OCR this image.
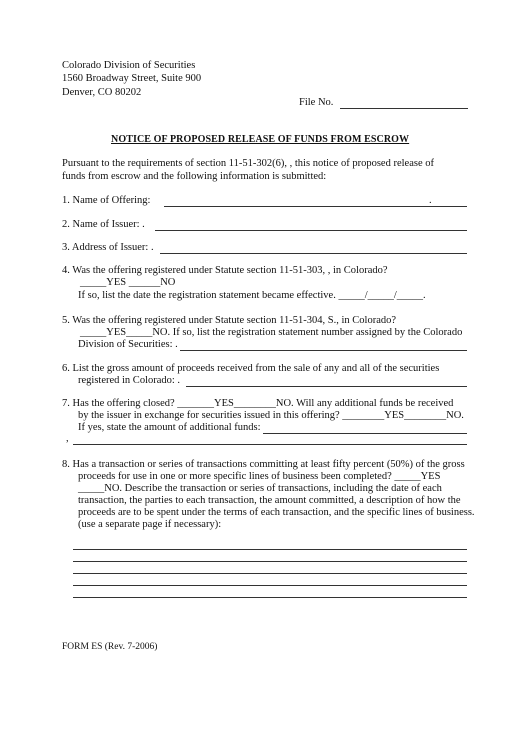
Colorado Division of Securities
1560 Broadway Street, Suite 900
Denver, CO 80202
File No.
NOTICE OF PROPOSED RELEASE OF FUNDS FROM ESCROW
Pursuant to the requirements of section 11-51-302(6), , this notice of proposed release of
funds from escrow and the following information is submitted:
1. Name of Offering:	.
2. Name of Issuer: .
3. Address of Issuer: .
4. Was the offering registered under Statute section 11-51-303, , in Colorado?
_____YES ______NO
If so, list the date the registration statement became effective. _____/_____/_____.
5. Was the offering registered under Statute section 11-51-304, S., in Colorado?
_____YES_____NO. If so, list the registration statement number assigned by the Colorado
Division of Securities: .
6. List the gross amount of proceeds received from the sale of any and all of the securities
registered in Colorado: .
7. Has the offering closed? _______YES________NO. Will any additional funds be received
by the issuer in exchange for securities issued in this offering? ________YES________NO.
If yes, state the amount of additional funds:
,
8. Has a transaction or series of transactions committing at least fifty percent (50%) of the gross
proceeds for use in one or more specific lines of business been completed? _____YES
_____NO. Describe the transaction or series of transactions, including the date of each
transaction, the parties to each transaction, the amount committed, a description of how the
proceeds are to be spent under the terms of each transaction, and the specific lines of business.
(use a separate page if necessary):
FORM ES (Rev. 7-2006)
